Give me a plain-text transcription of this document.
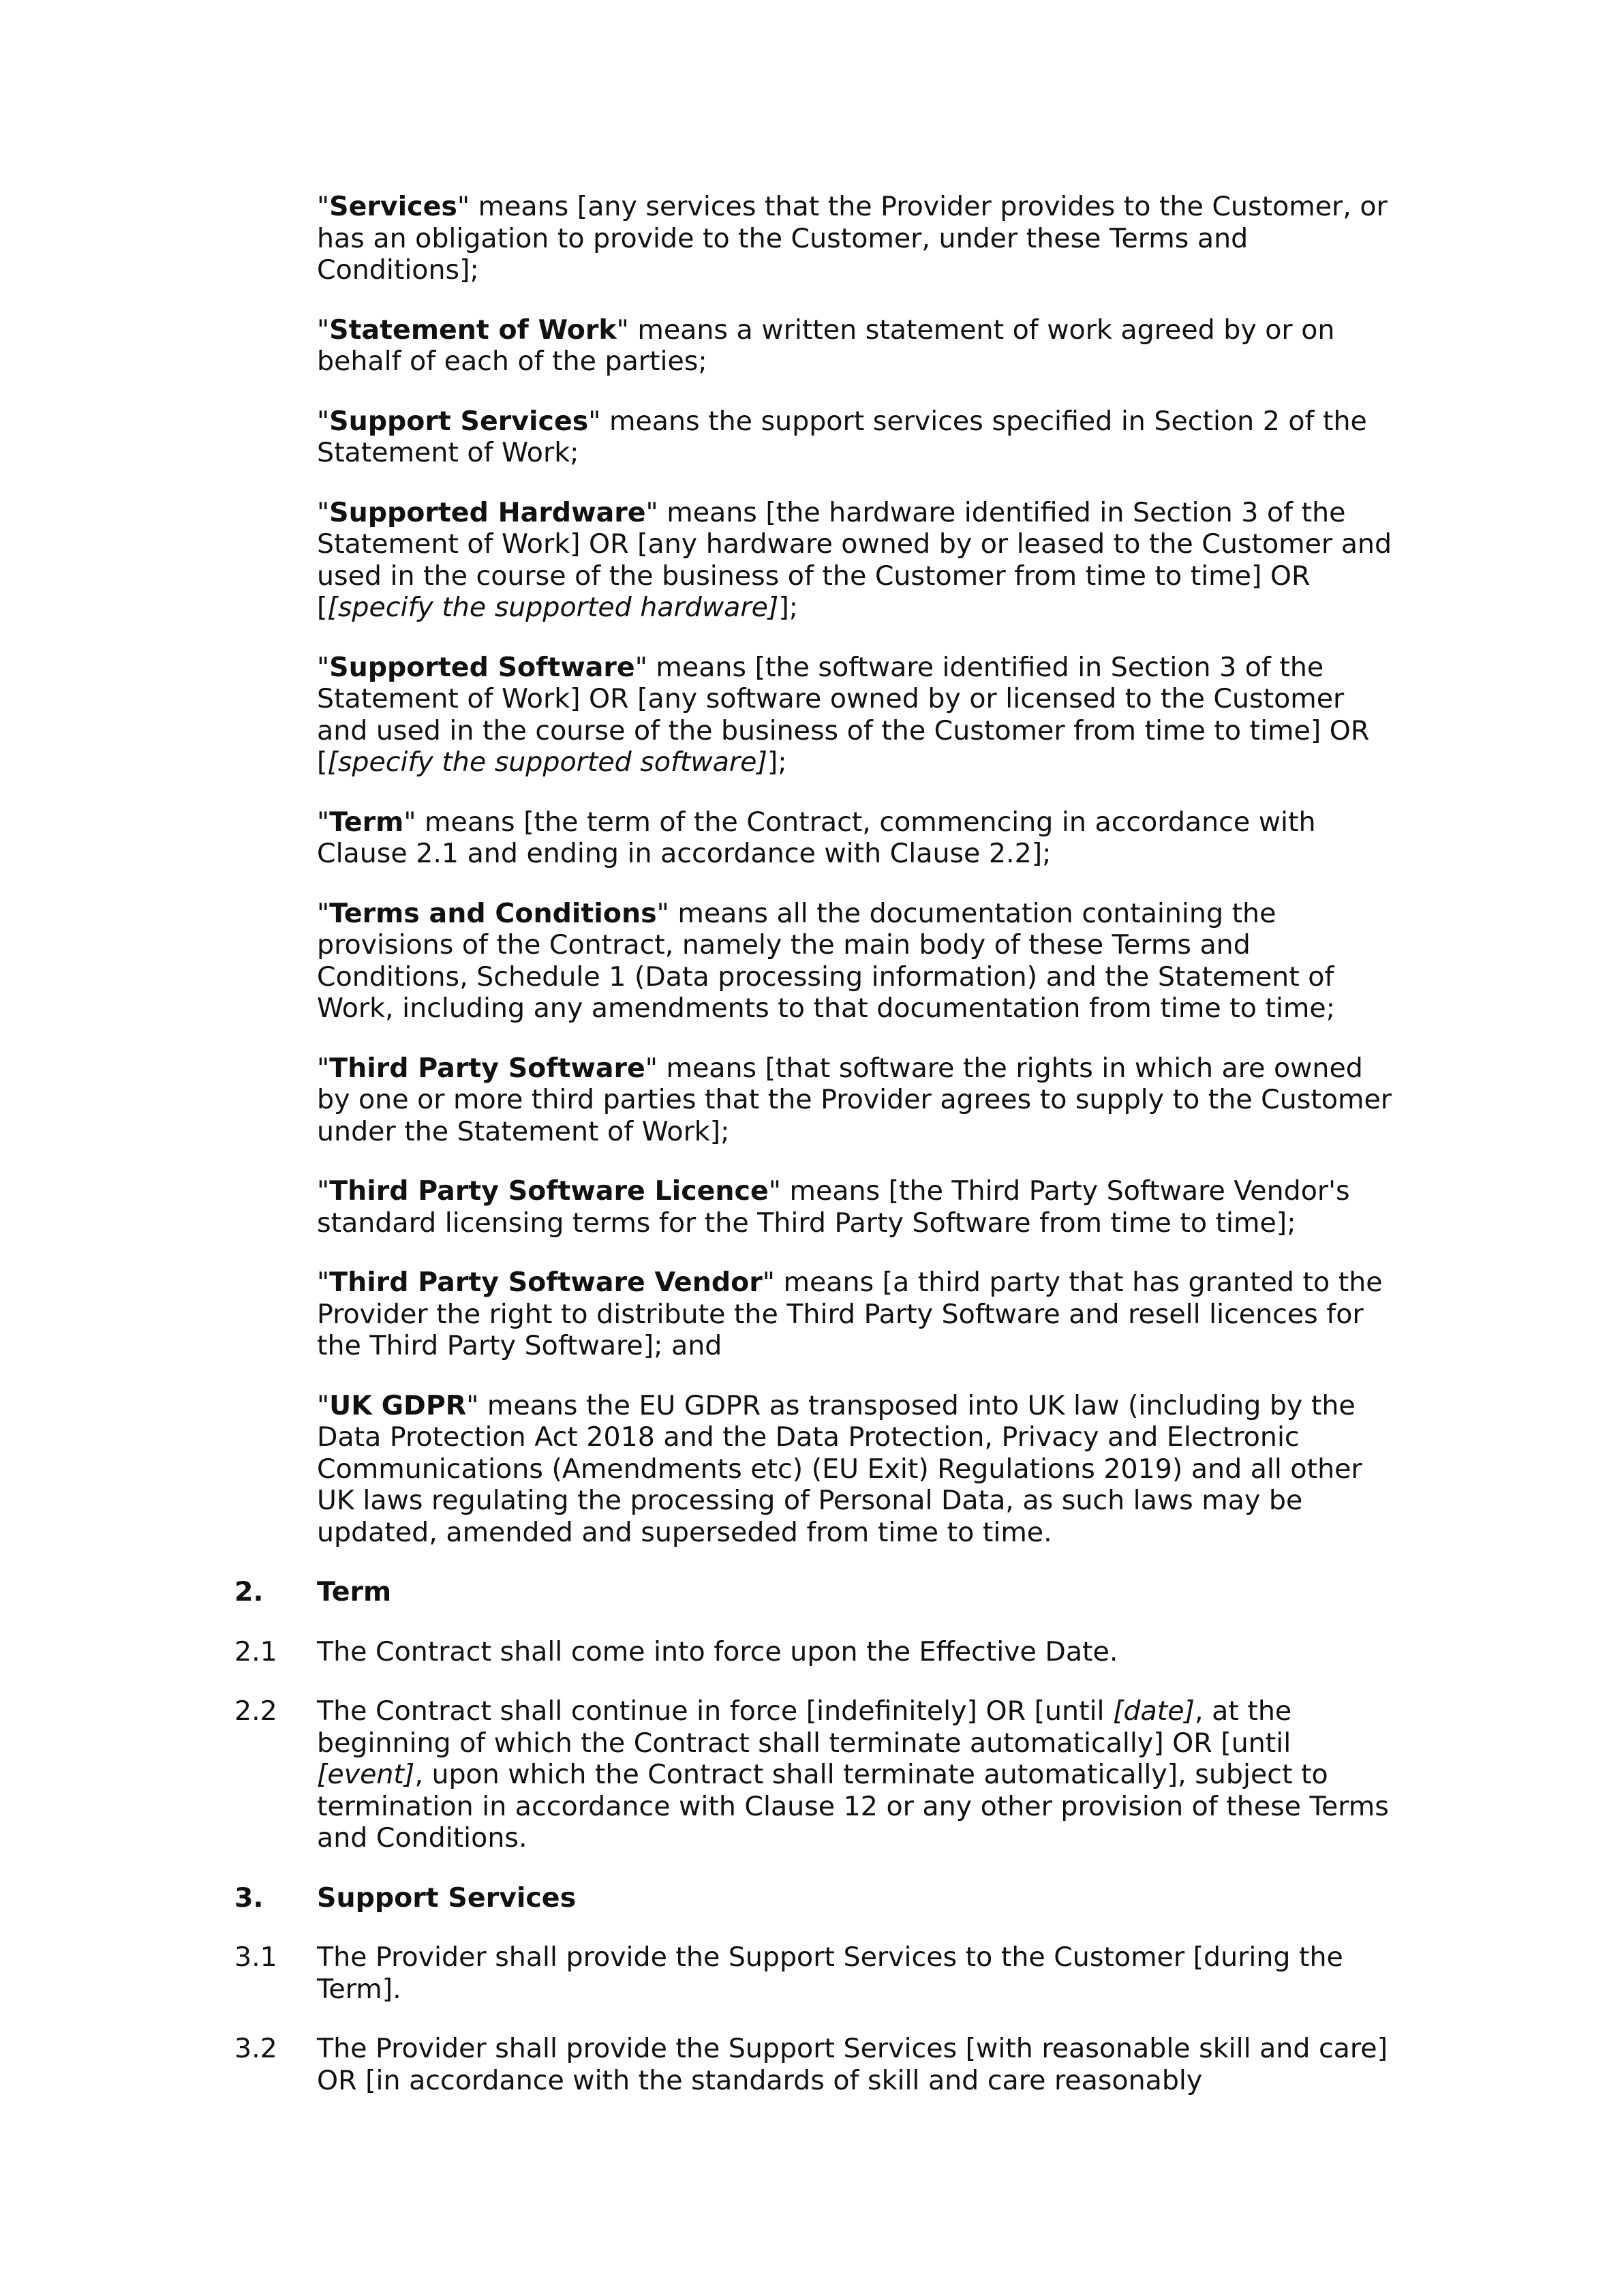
"Services" means [any services that the Provider provides to the Customer, or has an obligation to provide to the Customer, under these Terms and Conditions];

"Statement of Work" means a written statement of work agreed by or on behalf of each of the parties;

"Support Services" means the support services specified in Section 2 of the Statement of Work;

"Supported Hardware" means [the hardware identified in Section 3 of the Statement of Work] OR [any hardware owned by or leased to the Customer and used in the course of the business of the Customer from time to time] OR [[specify the supported hardware]];

"Supported Software" means [the software identified in Section 3 of the Statement of Work] OR [any software owned by or licensed to the Customer and used in the course of the business of the Customer from time to time] OR [[specify the supported software]];

"Term" means [the term of the Contract, commencing in accordance with Clause 2.1 and ending in accordance with Clause 2.2];

"Terms and Conditions" means all the documentation containing the provisions of the Contract, namely the main body of these Terms and Conditions, Schedule 1 (Data processing information) and the Statement of Work, including any amendments to that documentation from time to time;

"Third Party Software" means [that software the rights in which are owned by one or more third parties that the Provider agrees to supply to the Customer under the Statement of Work];

"Third Party Software Licence" means [the Third Party Software Vendor's standard licensing terms for the Third Party Software from time to time];

"Third Party Software Vendor" means [a third party that has granted to the Provider the right to distribute the Third Party Software and resell licences for the Third Party Software]; and

"UK GDPR" means the EU GDPR as transposed into UK law (including by the Data Protection Act 2018 and the Data Protection, Privacy and Electronic Communications (Amendments etc) (EU Exit) Regulations 2019) and all other UK laws regulating the processing of Personal Data, as such laws may be updated, amended and superseded from time to time.

2.	Term
2.1	The Contract shall come into force upon the Effective Date.
2.2	The Contract shall continue in force [indefinitely] OR [until [date], at the beginning of which the Contract shall terminate automatically] OR [until [event], upon which the Contract shall terminate automatically], subject to termination in accordance with Clause 12 or any other provision of these Terms and Conditions.
3.	Support Services
3.1	The Provider shall provide the Support Services to the Customer [during the Term].
3.2	The Provider shall provide the Support Services [with reasonable skill and care] OR [in accordance with the standards of skill and care reasonably
